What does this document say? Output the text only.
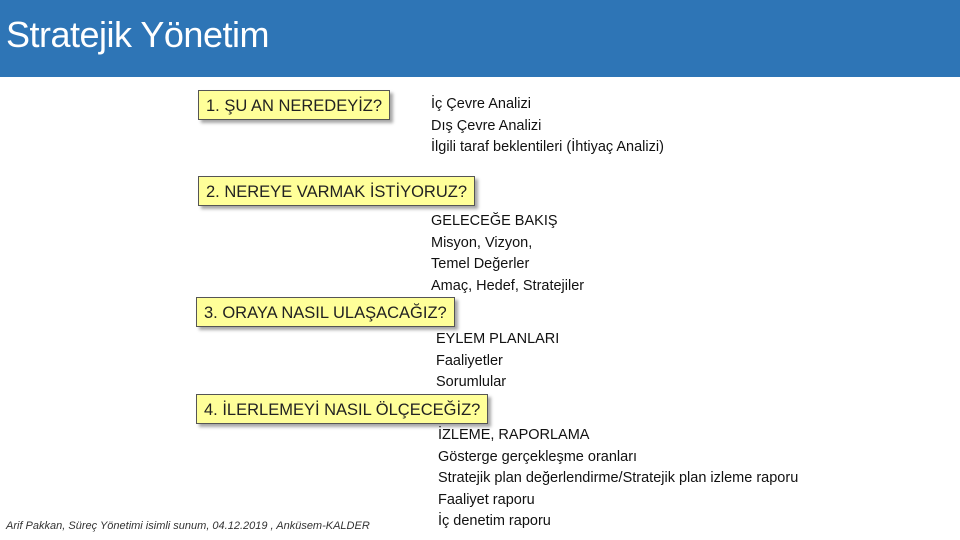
Stratejik Yönetim
1. ŞU AN NEREDEYİZ?	İç Çevre Analizi
Dış Çevre Analizi
İlgili taraf beklentileri (İhtiyaç Analizi)
2. NEREYE VARMAK İSTİYORUZ?
GELECEĞE BAKIŞ
Misyon, Vizyon,
Temel Değerler
Amaç, Hedef, Stratejiler
3. ORAYA NASIL ULAŞACAĞIZ?
EYLEM PLANLARI
Faaliyetler
Sorumlular
4. İLERLEMEYİ NASIL ÖLÇECEĞİZ?
İZLEME, RAPORLAMA
Gösterge gerçekleşme oranları
Stratejik plan değerlendirme/Stratejik plan izleme raporu
Faaliyet raporu
İç denetim raporu
Arif Pakkan, Süreç Yönetimi isimli sunum, 04.12.2019 , Anküsem-KALDER
